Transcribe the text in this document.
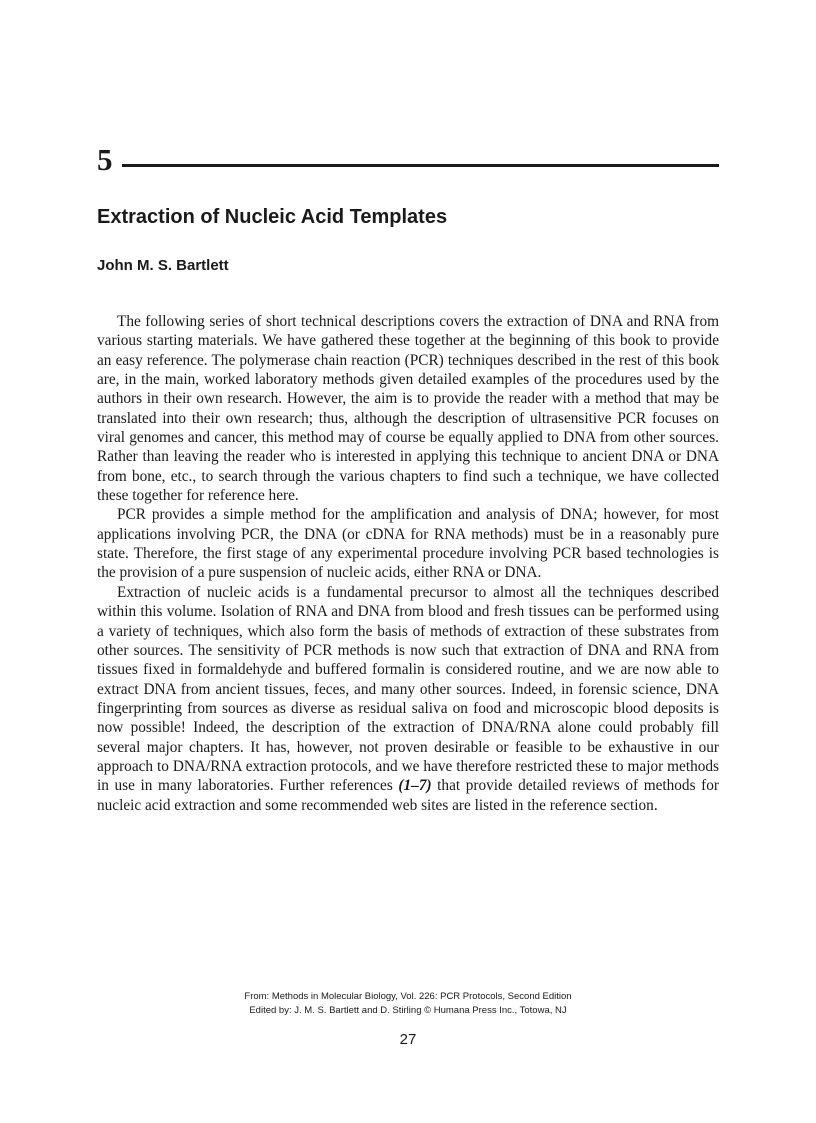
5
Extraction of Nucleic Acid Templates
John M. S. Bartlett

The following series of short technical descriptions covers the extraction of DNA and RNA from various starting materials. We have gathered these together at the beginning of this book to provide an easy reference. The polymerase chain reaction (PCR) techniques described in the rest of this book are, in the main, worked laboratory methods given detailed examples of the procedures used by the authors in their own research. However, the aim is to provide the reader with a method that may be translated into their own research; thus, although the description of ultrasensitive PCR focuses on viral genomes and cancer, this method may of course be equally applied to DNA from other sources. Rather than leaving the reader who is interested in applying this technique to ancient DNA or DNA from bone, etc., to search through the various chapters to find such a technique, we have collected these together for reference here.

PCR provides a simple method for the amplification and analysis of DNA; however, for most applications involving PCR, the DNA (or cDNA for RNA methods) must be in a reasonably pure state. Therefore, the first stage of any experimental procedure involving PCR based technologies is the provision of a pure suspension of nucleic acids, either RNA or DNA.

Extraction of nucleic acids is a fundamental precursor to almost all the techniques described within this volume. Isolation of RNA and DNA from blood and fresh tissues can be performed using a variety of techniques, which also form the basis of methods of extraction of these substrates from other sources. The sensitivity of PCR methods is now such that extraction of DNA and RNA from tissues fixed in formaldehyde and buffered formalin is considered routine, and we are now able to extract DNA from ancient tissues, feces, and many other sources. Indeed, in forensic science, DNA fingerprinting from sources as diverse as residual saliva on food and microscopic blood deposits is now possible! Indeed, the description of the extraction of DNA/RNA alone could probably fill several major chapters. It has, however, not proven desirable or feasible to be exhaustive in our approach to DNA/RNA extraction protocols, and we have therefore restricted these to major methods in use in many laboratories. Further references (1–7) that provide detailed reviews of methods for nucleic acid extraction and some recommended web sites are listed in the reference section.

From: Methods in Molecular Biology, Vol. 226: PCR Protocols, Second Edition
Edited by: J. M. S. Bartlett and D. Stirling © Humana Press Inc., Totowa, NJ
27
